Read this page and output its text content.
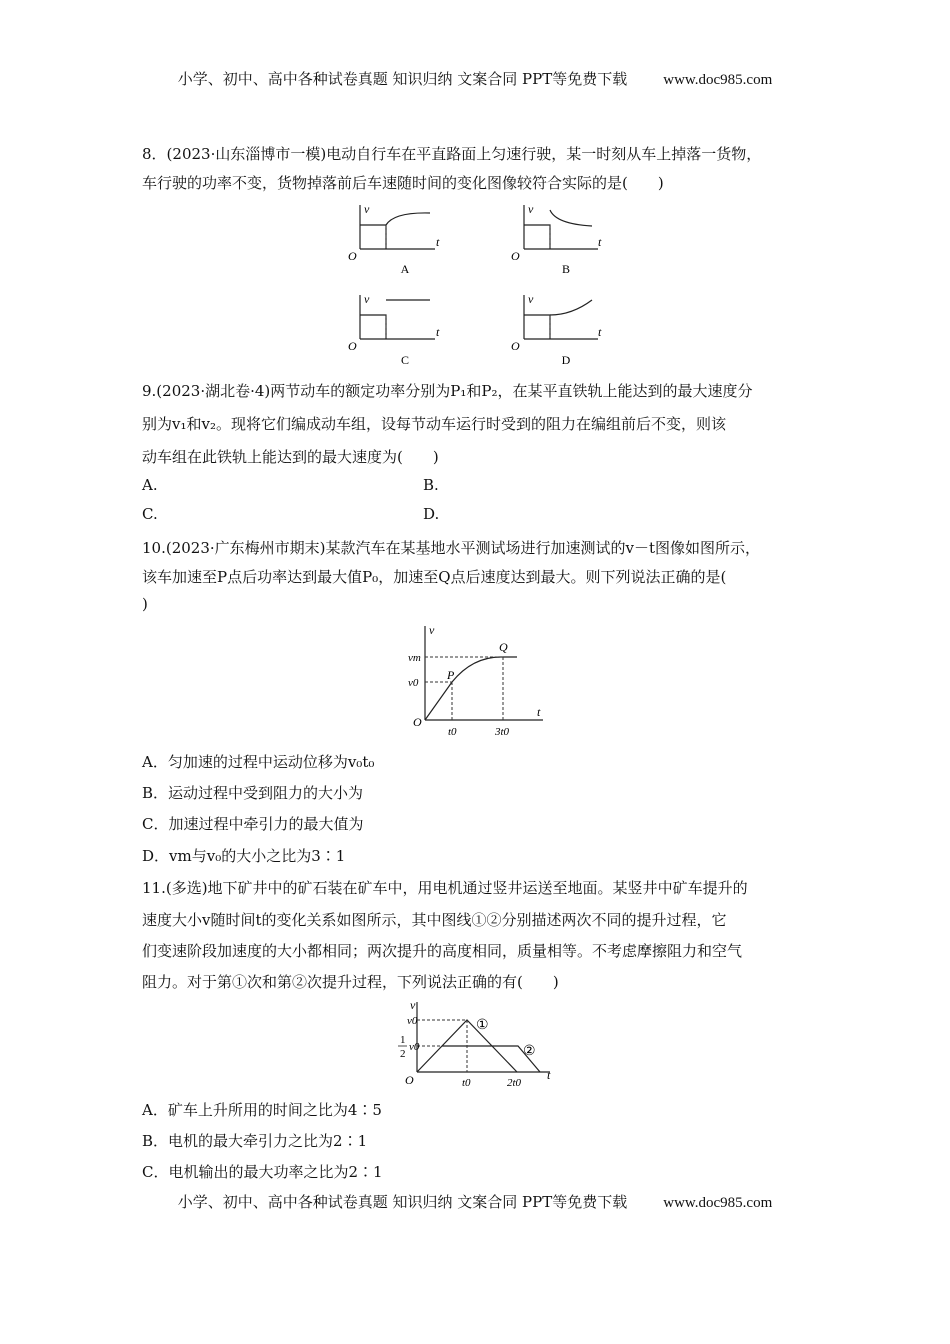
小学、初中、高中各种试卷真题 知识归纳 文案合同 PPT等免费下载 www.doc985.com
8．(2023·山东淄博市一模)电动自行车在平直路面上匀速行驶，某一时刻从车上掉落一货物，
车行驶的功率不变，货物掉落前后车速随时间的变化图像较符合实际的是(　　)
v
t
v
t
v
t
v
t
O	O
O	O
A	B
C	D
9.(2023·湖北卷·4)两节动车的额定功率分别为P₁和P₂，在某平直铁轨上能达到的最大速度分
别为v₁和v₂。现将它们编成动车组，设每节动车运行时受到的阻力在编组前后不变，则该
动车组在此铁轨上能达到的最大速度为(　　)
A.	B.
C.	D.
10.(2023·广东梅州市期末)某款汽车在某基地水平测试场进行加速测试的v－t图像如图所示，
该车加速至P点后功率达到最大值P₀，加速至Q点后速度达到最大。则下列说法正确的是(
)
v
t
O
vm
v0
P
Q
t0	3t0
A．匀加速的过程中运动位移为v₀t₀
B．运动过程中受到阻力的大小为
C．加速过程中牵引力的最大值为
D．vm与v₀的大小之比为3∶1
11.(多选)地下矿井中的矿石装在矿车中，用电机通过竖井运送至地面。某竖井中矿车提升的
速度大小v随时间t的变化关系如图所示，其中图线①②分别描述两次不同的提升过程，它
们变速阶段加速度的大小都相同；两次提升的高度相同，质量相等。不考虑摩擦阻力和空气
阻力。对于第①次和第②次提升过程，下列说法正确的有(　　)
v
t
O
v0
1
2
v0
t0	2t0
①
②
A．矿车上升所用的时间之比为4∶5
B．电机的最大牵引力之比为2∶1
C．电机输出的最大功率之比为2∶1
小学、初中、高中各种试卷真题 知识归纳 文案合同 PPT等免费下载 www.doc985.com
